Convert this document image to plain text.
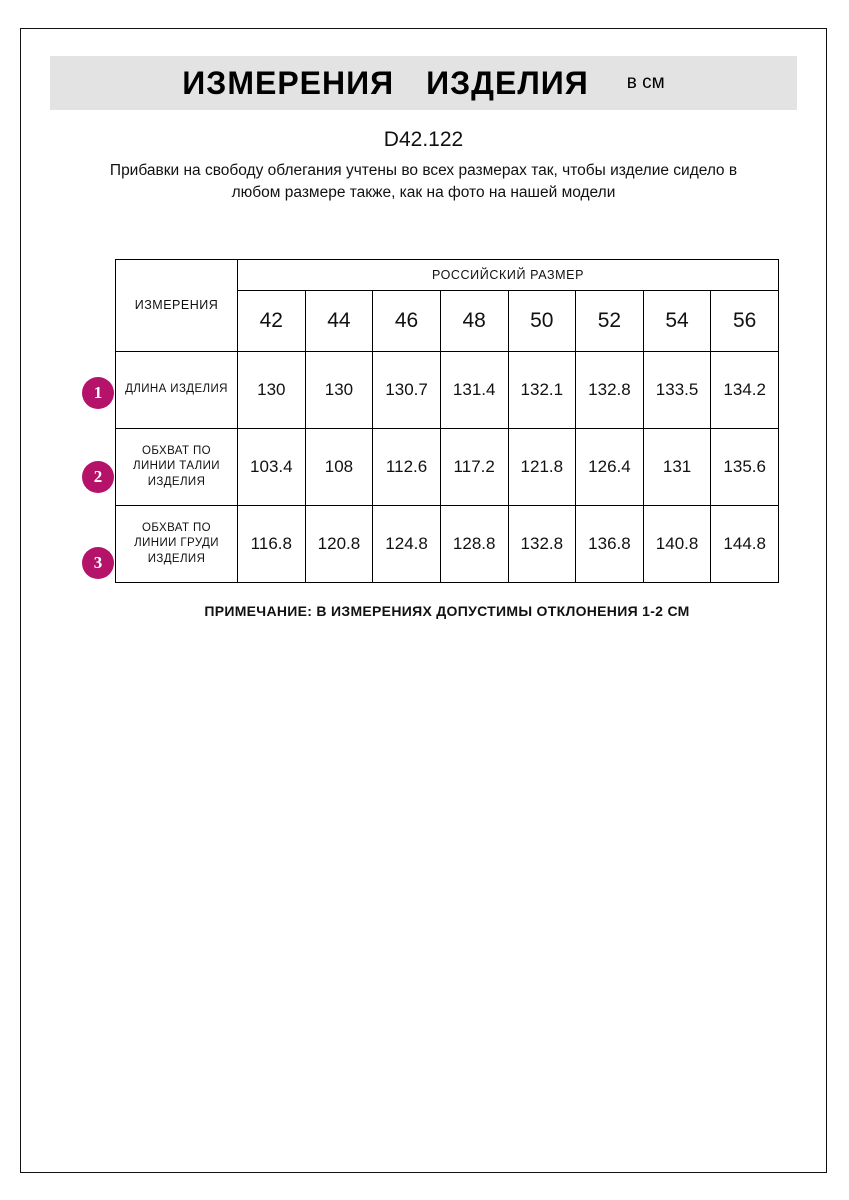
ИЗМЕРЕНИЯ ИЗДЕЛИЯ в см
D42.122
Прибавки на свободу облегания учтены во всех размерах так, чтобы изделие сиделo в любом размере также, как на фото на нашей модели
1
2
3
ИЗМЕРЕНИЯ	РОССИЙСКИЙ РАЗМЕР							
	42	44	46	48	50	52	54	56
ДЛИНА ИЗДЕЛИЯ	130	130	130.7	131.4	132.1	132.8	133.5	134.2
ОБХВАТ ПО ЛИНИИ ТАЛИИ ИЗДЕЛИЯ	103.4	108	112.6	117.2	121.8	126.4	131	135.6
ОБХВАТ ПО ЛИНИИ ГРУДИ ИЗДЕЛИЯ	116.8	120.8	124.8	128.8	132.8	136.8	140.8	144.8
ПРИМЕЧАНИЕ: В ИЗМЕРЕНИЯХ ДОПУСТИМЫ ОТКЛОНЕНИЯ 1-2 СМ
